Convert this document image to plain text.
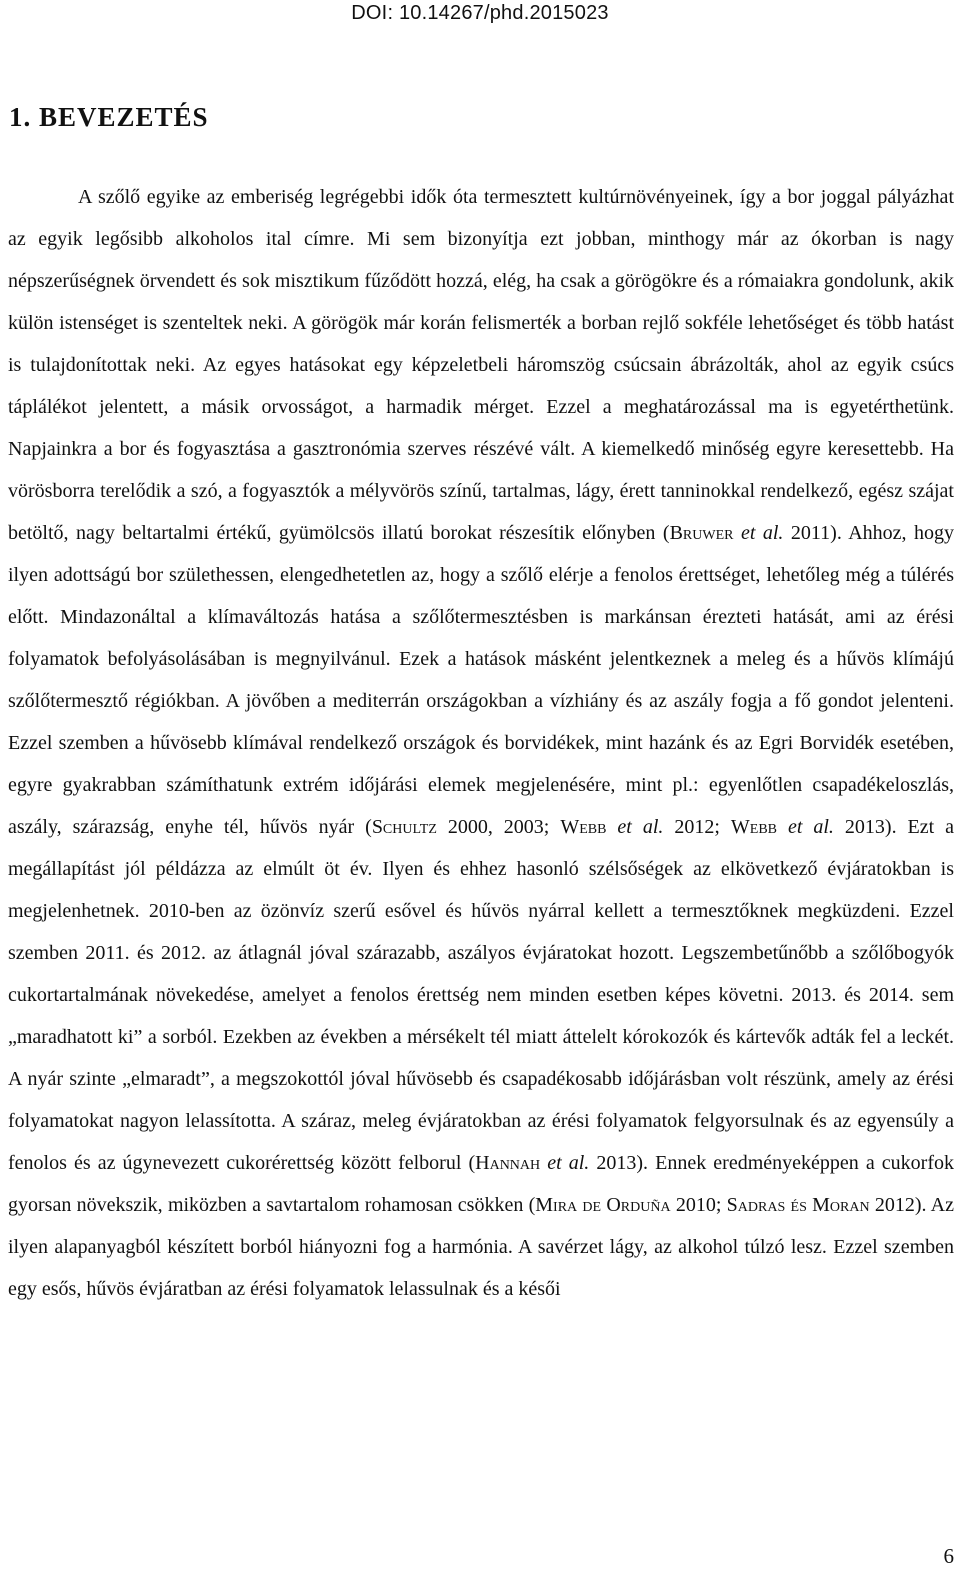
DOI: 10.14267/phd.2015023
1. BEVEZETÉS

A szőlő egyike az emberiség legrégebbi idők óta termesztett kultúrnövényeinek, így a bor joggal pályázhat az egyik legősibb alkoholos ital címre. Mi sem bizonyítja ezt jobban, minthogy már az ókorban is nagy népszerűségnek örvendett és sok misztikum fűződött hozzá, elég, ha csak a görögökre és a rómaiakra gondolunk, akik külön istenséget is szenteltek neki. A görögök már korán felismerték a borban rejlő sokféle lehetőséget és több hatást is tulajdonítottak neki. Az egyes hatásokat egy képzeletbeli háromszög csúcsain ábrázolták, ahol az egyik csúcs táplálékot jelentett, a másik orvosságot, a harmadik mérget. Ezzel a meghatározással ma is egyetérthetünk. Napjainkra a bor és fogyasztása a gasztronómia szerves részévé vált. A kiemelkedő minőség egyre keresettebb. Ha vörösborra terelődik a szó, a fogyasztók a mélyvörös színű, tartalmas, lágy, érett tanninokkal rendelkező, egész szájat betöltő, nagy beltartalmi értékű, gyümölcsös illatú borokat részesítik előnyben (Bruwer et al. 2011). Ahhoz, hogy ilyen adottságú bor születhessen, elengedhetetlen az, hogy a szőlő elérje a fenolos érettséget, lehetőleg még a túlérés előtt. Mindazonáltal a klímaváltozás hatása a szőlőtermesztésben is markánsan érezteti hatását, ami az érési folyamatok befolyásolásában is megnyilvánul. Ezek a hatások másként jelentkeznek a meleg és a hűvös klímájú szőlőtermesztő régiókban. A jövőben a mediterrán országokban a vízhiány és az aszály fogja a fő gondot jelenteni. Ezzel szemben a hűvösebb klímával rendelkező országok és borvidékek, mint hazánk és az Egri Borvidék esetében, egyre gyakrabban számíthatunk extrém időjárási elemek megjelenésére, mint pl.: egyenlőtlen csapadékeloszlás, aszály, szárazság, enyhe tél, hűvös nyár (Schultz 2000, 2003; Webb et al. 2012; Webb et al. 2013). Ezt a megállapítást jól példázza az elmúlt öt év. Ilyen és ehhez hasonló szélsőségek az elkövetkező évjáratokban is megjelenhetnek. 2010-ben az özönvíz szerű esővel és hűvös nyárral kellett a termesztőknek megküzdeni. Ezzel szemben 2011. és 2012. az átlagnál jóval szárazabb, aszályos évjáratokat hozott. Legszembetűnőbb a szőlőbogyók cukortartalmának növekedése, amelyet a fenolos érettség nem minden esetben képes követni. 2013. és 2014. sem „maradhatott ki” a sorból. Ezekben az években a mérsékelt tél miatt áttelelt kórokozók és kártevők adták fel a leckét. A nyár szinte „elmaradt”, a megszokottól jóval hűvösebb és csapadékosabb időjárásban volt részünk, amely az érési folyamatokat nagyon lelassította. A száraz, meleg évjáratokban az érési folyamatok felgyorsulnak és az egyensúly a fenolos és az úgynevezett cukorérettség között felborul (Hannah et al. 2013). Ennek eredményeképpen a cukorfok gyorsan növekszik, miközben a savtartalom rohamosan csökken (Mira de Orduña 2010; Sadras és Moran 2012). Az ilyen alapanyagból készített borból hiányozni fog a harmónia. A savérzet lágy, az alkohol túlzó lesz. Ezzel szemben egy esős, hűvös évjáratban az érési folyamatok lelassulnak és a késői

6
